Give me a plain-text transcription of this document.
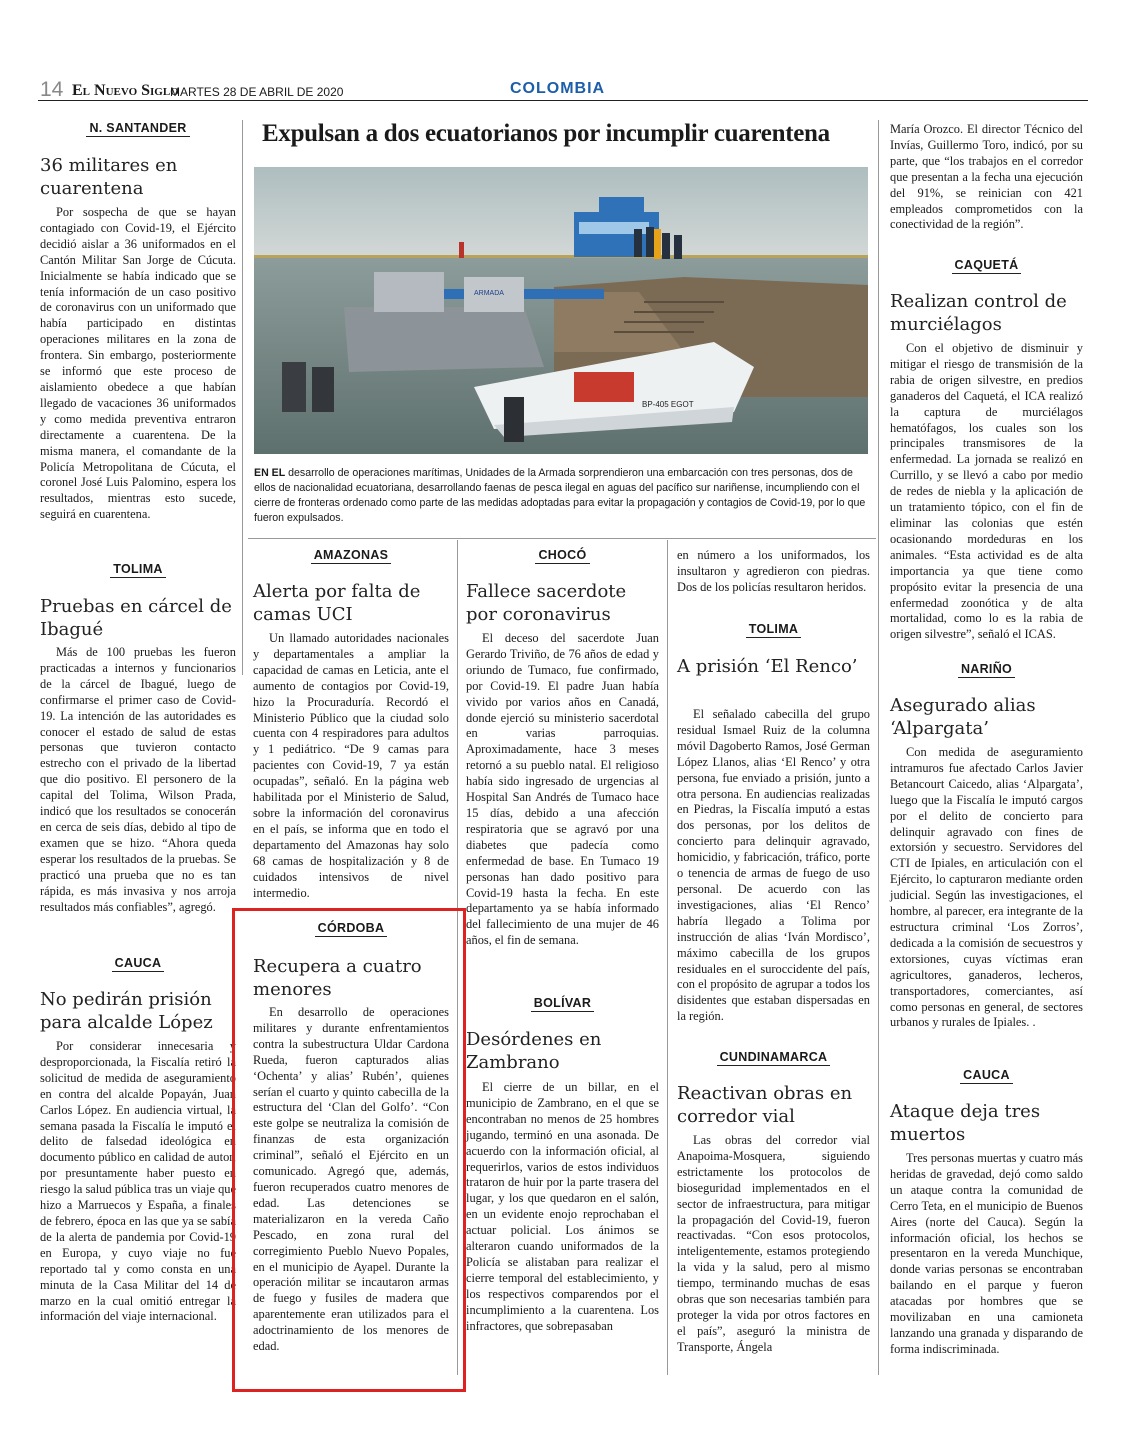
14 El Nuevo Siglo
MARTES 28 DE ABRIL DE 2020	COLOMBIA
N. SANTANDER
36 militares en cuarentena

Por sospecha de que se hayan contagiado con Covid-19, el Ejército decidió aislar a 36 uniformados en el Cantón Militar San Jorge de Cúcuta. Inicialmente se había indicado que se tenía información de un caso positivo de coronavirus con un uniformado que había participado en distintas operaciones militares en la zona de frontera. Sin embargo, posteriormente se informó que este proceso de aislamiento obedece a que habían llegado de vacaciones 36 uniformados y como medida preventiva entraron directamente a cuarentena. De la misma manera, el comandante de la Policía Metropolitana de Cúcuta, el coronel José Luis Palomino, espera los resultados, mientras esto sucede, seguirá en cuarentena.

TOLIMA
Pruebas en cárcel de Ibagué

Más de 100 pruebas les fueron practicadas a internos y funcionarios de la cárcel de Ibagué, luego de confirmarse el primer caso de Covid-19. La intención de las autoridades es conocer el estado de salud de estas personas que tuvieron contacto estrecho con el privado de la libertad que dio positivo. El personero de la capital del Tolima, Wilson Prada, indicó que los resultados se conocerán en cerca de seis días, debido al tipo de examen que se hizo. “Ahora queda esperar los resultados de la pruebas. Se practicó una prueba que no es tan rápida, es más invasiva y nos arroja resultados más confiables”, agregó.

CAUCA
No pedirán prisión para alcalde López

Por considerar innecesaria y desproporcionada, la Fiscalía retiró la solicitud de medida de aseguramiento en contra del alcalde Popayán, Juan Carlos López. En audiencia virtual, la semana pasada la Fiscalía le imputó el delito de falsedad ideológica en documento público en calidad de autor, por presuntamente haber puesto en riesgo la salud pública tras un viaje que hizo a Marruecos y España, a finales de febrero, época en las que ya se sabía de la alerta de pandemia por Covid-19 en Europa, y cuyo viaje no fue reportado tal y como consta en una minuta de la Casa Militar del 14 de marzo en la cual omitió entregar la información del viaje internacional.

Expulsan a dos ecuatorianos por incumplir cuarentena
ARMADA
BP-405 EGOT
EN EL desarrollo de operaciones marítimas, Unidades de la Armada sorprendieron una embarcación con tres personas, dos de ellos de nacionalidad ecuatoriana, desarrollando faenas de pesca ilegal en aguas del pacífico sur nariñense, incumpliendo con el cierre de fronteras ordenado como parte de las medidas adoptadas para evitar la propagación y contagios de Covid-19, por lo que fueron expulsados.
AMAZONAS
Alerta por falta de camas UCI

Un llamado autoridades nacionales y departamentales a ampliar la capacidad de camas en Leticia, ante el aumento de contagios por Covid-19, hizo la Procuraduría. Recordó el Ministerio Público que la ciudad solo cuenta con 4 respiradores para adultos y 1 pediátrico. “De 9 camas para pacientes con Covid-19, 7 ya están ocupadas”, señaló. En la página web habilitada por el Ministerio de Salud, sobre la información del coronavirus en el país, se informa que en todo el departamento del Amazonas hay solo 68 camas de hospitalización y 8 de cuidados intensivos de nivel intermedio.

CÓRDOBA
Recupera a cuatro menores

En desarrollo de operaciones militares y durante enfrentamientos contra la subestructura Uldar Cardona Rueda, fueron capturados alias ‘Ochenta’ y alias’ Rubén’, quienes serían el cuarto y quinto cabecilla de la estructura del ‘Clan del Golfo’. “Con este golpe se neutraliza la comisión de finanzas de esta organización criminal”, señaló el Ejército en un comunicado. Agregó que, además, fueron recuperados cuatro menores de edad. Las detenciones se materializaron en la vereda Caño Pescado, en zona rural del corregimiento Pueblo Nuevo Popales, en el municipio de Ayapel. Durante la operación militar se incautaron armas de fuego y fusiles de madera que aparentemente eran utilizados para el adoctrinamiento de los menores de edad.

CHOCÓ
Fallece sacerdote por coronavirus

El deceso del sacerdote Juan Gerardo Triviño, de 76 años de edad y oriundo de Tumaco, fue confirmado, por Covid-19. El padre Juan había vivido por varios años en Canadá, donde ejerció su ministerio sacerdotal en varias parroquias. Aproximadamente, hace 3 meses retornó a su pueblo natal. El religioso había sido ingresado de urgencias al Hospital San Andrés de Tumaco hace 15 días, debido a una afección respiratoria que se agravó por una diabetes que padecía como enfermedad de base. En Tumaco 19 personas han dado positivo para Covid-19 hasta la fecha. En este departamento ya se había informado del fallecimiento de una mujer de 46 años, el fin de semana.

BOLÍVAR
Desórdenes en Zambrano

El cierre de un billar, en el municipio de Zambrano, en el que se encontraban no menos de 25 hombres jugando, terminó en una asonada. De acuerdo con la información oficial, al requerirlos, varios de estos individuos trataron de huir por la parte trasera del lugar, y los que quedaron en el salón, en un evidente enojo reprochaban el actuar policial. Los ánimos se alteraron cuando uniformados de la Policía se alistaban para realizar el cierre temporal del establecimiento, y los respectivos comparendos por el incumplimiento a la cuarentena. Los infractores, que sobrepasaban

en número a los uniformados, los insultaron y agredieron con piedras. Dos de los policías resultaron heridos.

TOLIMA
A prisión ‘El Renco’

El señalado cabecilla del grupo residual Ismael Ruiz de la columna móvil Dagoberto Ramos, José German López Llanos, alias ‘El Renco’ y otra persona, fue enviado a prisión, junto a otra persona. En audiencias realizadas en Piedras, la Fiscalía imputó a estas dos personas, por los delitos de concierto para delinquir agravado, homicidio, y fabricación, tráfico, porte o tenencia de armas de fuego de uso personal. De acuerdo con las investigaciones, alias ‘El Renco’ habría llegado a Tolima por instrucción de alias ‘Iván Mordisco’, máximo cabecilla de los grupos residuales en el suroccidente del país, con el propósito de agrupar a todos los disidentes que estaban dispersadas en la región.

CUNDINAMARCA
Reactivan obras en corredor vial

Las obras del corredor vial Anapoima-Mosquera, siguiendo estrictamente los protocolos de bioseguridad implementados en el sector de infraestructura, para mitigar la propagación del Covid-19, fueron reactivadas. “Con esos protocolos, inteligentemente, estamos protegiendo la vida y la salud, pero al mismo tiempo, terminando muchas de esas obras que son necesarias también para proteger la vida por otros factores en el país”, aseguró la ministra de Transporte, Ángela

María Orozco. El director Técnico del Invías, Guillermo Toro, indicó, por su parte, que “los trabajos en el corredor que presentan a la fecha una ejecución del 91%, se reinician con 421 empleados comprometidos con la conectividad de la región”.

CAQUETÁ
Realizan control de murciélagos

Con el objetivo de disminuir y mitigar el riesgo de transmisión de la rabia de origen silvestre, en predios ganaderos del Caquetá, el ICA realizó la captura de murciélagos hematófagos, los cuales son los principales transmisores de la enfermedad. La jornada se realizó en Currillo, y se llevó a cabo por medio de redes de niebla y la aplicación de un tratamiento tópico, con el fin de eliminar las colonias que estén ocasionando mordeduras en los animales. “Esta actividad es de alta importancia ya que tiene como propósito evitar la presencia de una enfermedad zoonótica y de alta mortalidad, como lo es la rabia de origen silvestre”, señaló el ICAS.

NARIÑO
Asegurado alias ‘Alpargata’

Con medida de aseguramiento intramuros fue afectado Carlos Javier Betancourt Caicedo, alias ‘Alpargata’, luego que la Fiscalía le imputó cargos por el delito de concierto para delinquir agravado con fines de extorsión y secuestro. Servidores del CTI de Ipiales, en articulación con el Ejército, lo capturaron mediante orden judicial. Según las investigaciones, el hombre, al parecer, era integrante de la estructura criminal ‘Los Zorros’, dedicada a la comisión de secuestros y extorsiones, cuyas víctimas eran agricultores, ganaderos, lecheros, transportadores, comerciantes, así como personas en general, de sectores urbanos y rurales de Ipiales. .

CAUCA
Ataque deja tres muertos

Tres personas muertas y cuatro más heridas de gravedad, dejó como saldo un ataque contra la comunidad de Cerro Teta, en el municipio de Buenos Aires (norte del Cauca). Según la información oficial, los hechos se presentaron en la vereda Munchique, donde varias personas se encontraban bailando en el parque y fueron atacadas por hombres que se movilizaban en una camioneta lanzando una granada y disparando de forma indiscriminada.
